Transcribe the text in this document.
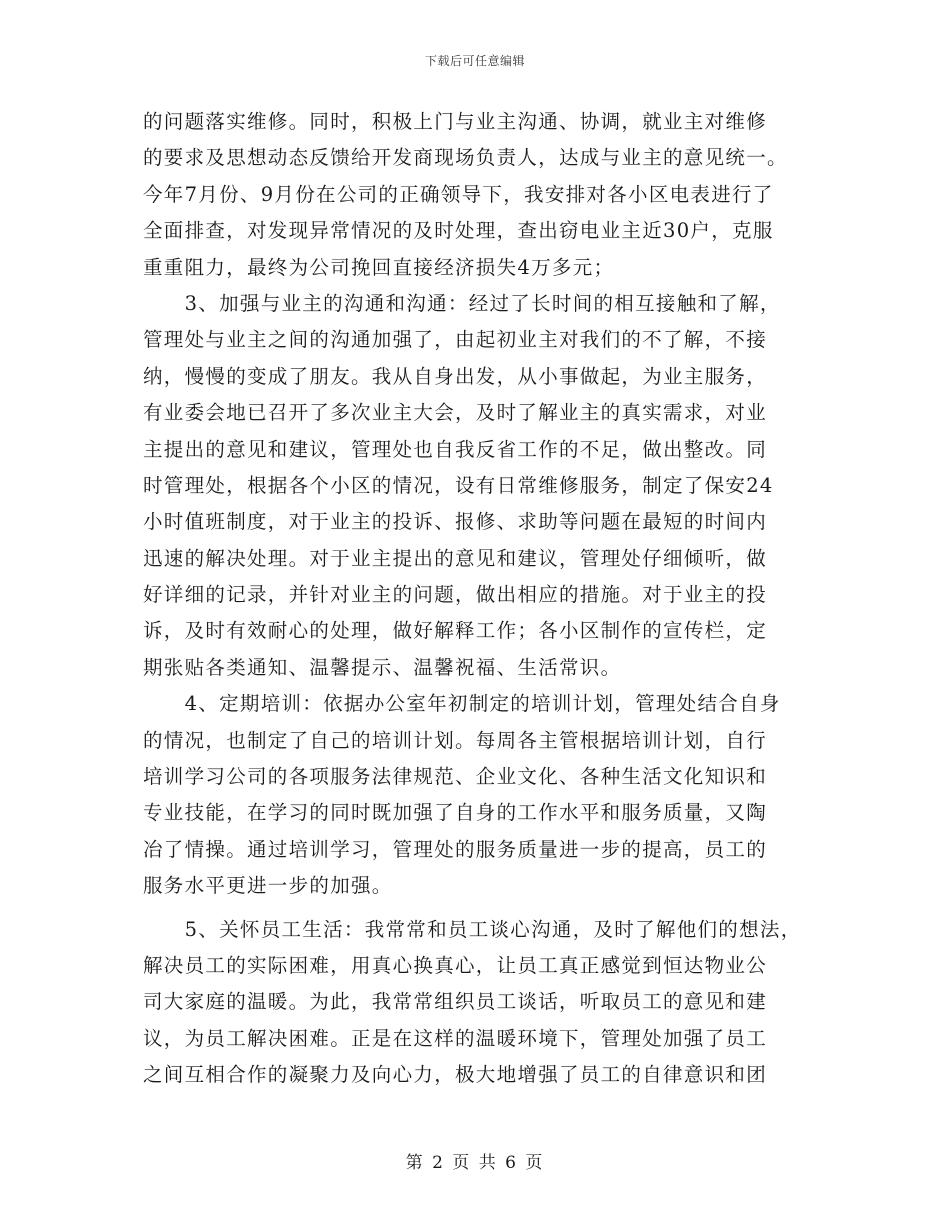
下载后可任意编辑
的问题落实维修。同时，积极上门与业主沟通、协调，就业主对维修
的要求及思想动态反馈给开发商现场负责人，达成与业主的意见统一。
今年7月份、9月份在公司的正确领导下，我安排对各小区电表进行了
全面排查，对发现异常情况的及时处理，查出窃电业主近30户，克服
重重阻力，最终为公司挽回直接经济损失4万多元；
　　3、加强与业主的沟通和沟通：经过了长时间的相互接触和了解，
管理处与业主之间的沟通加强了，由起初业主对我们的不了解，不接
纳，慢慢的变成了朋友。我从自身出发，从小事做起，为业主服务，
有业委会地已召开了多次业主大会，及时了解业主的真实需求，对业
主提出的意见和建议，管理处也自我反省工作的不足，做出整改。同
时管理处，根据各个小区的情况，设有日常维修服务，制定了保安24
小时值班制度，对于业主的投诉、报修、求助等问题在最短的时间内
迅速的解决处理。对于业主提出的意见和建议，管理处仔细倾听，做
好详细的记录，并针对业主的问题，做出相应的措施。对于业主的投
诉，及时有效耐心的处理，做好解释工作；各小区制作的宣传栏，定
期张贴各类通知、温馨提示、温馨祝福、生活常识。
　　4、定期培训：依据办公室年初制定的培训计划，管理处结合自身
的情况，也制定了自己的培训计划。每周各主管根据培训计划，自行
培训学习公司的各项服务法律规范、企业文化、各种生活文化知识和
专业技能，在学习的同时既加强了自身的工作水平和服务质量，又陶
冶了情操。通过培训学习，管理处的服务质量进一步的提高，员工的
服务水平更进一步的加强。
　　5、关怀员工生活：我常常和员工谈心沟通，及时了解他们的想法，
解决员工的实际困难，用真心换真心，让员工真正感觉到恒达物业公
司大家庭的温暖。为此，我常常组织员工谈话，听取员工的意见和建
议，为员工解决困难。正是在这样的温暖环境下，管理处加强了员工
之间互相合作的凝聚力及向心力，极大地增强了员工的自律意识和团
第 2 页 共 6 页
